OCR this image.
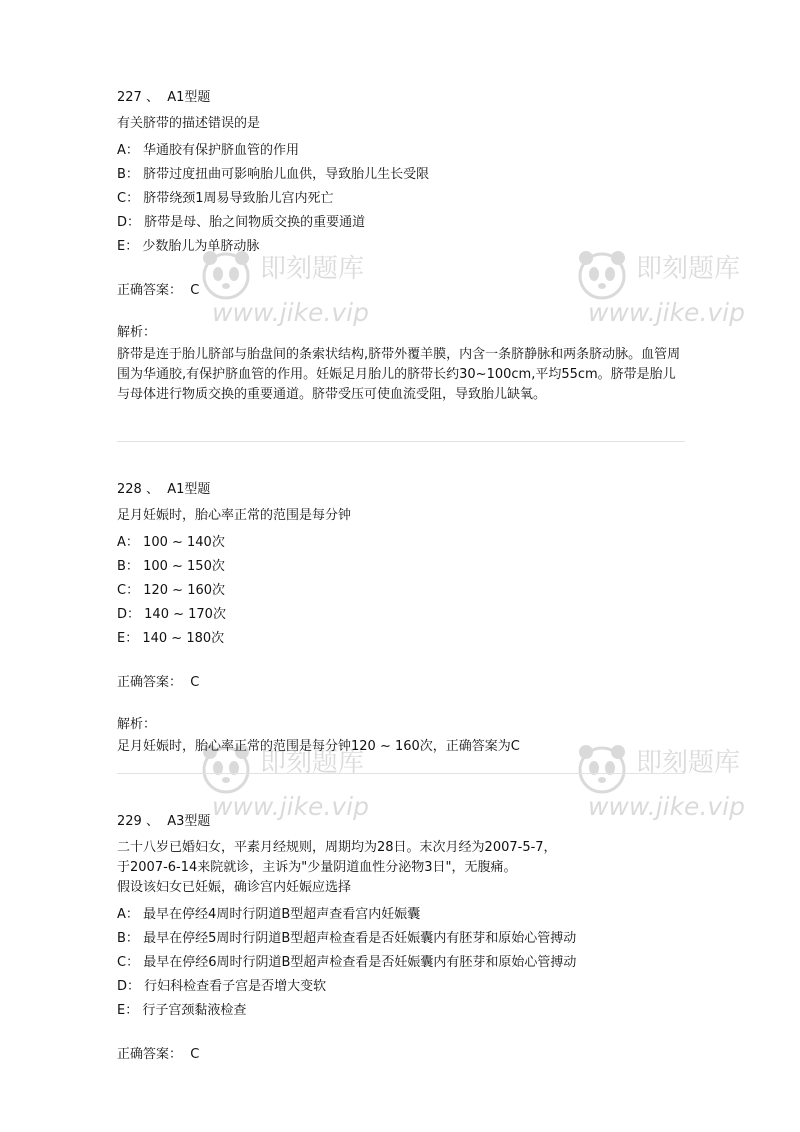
即刻题库
www.jike.vip
即刻题库
www.jike.vip
即刻题库
www.jike.vip
即刻题库
www.jike.vip
227 、 A1型题
有关脐带的描述错误的是
A： 华通胶有保护脐血管的作用
B： 脐带过度扭曲可影响胎儿血供，导致胎儿生长受限
C： 脐带绕颈1周易导致胎儿宫内死亡
D： 脐带是母、胎之间物质交换的重要通道
E： 少数胎儿为单脐动脉
正确答案： C
解析：
脐带是连于胎儿脐部与胎盘间的条索状结构,脐带外覆羊膜，内含一条脐静脉和两条脐动脉。血管周围为华通胶,有保护脐血管的作用。妊娠足月胎儿的脐带长约30~100cm,平均55cm。脐带是胎儿与母体进行物质交换的重要通道。脐带受压可使血流受阻，导致胎儿缺氧。
228 、 A1型题
足月妊娠时，胎心率正常的范围是每分钟
A： 100 ~ 140次
B： 100 ~ 150次
C： 120 ~ 160次
D： 140 ~ 170次
E： 140 ~ 180次
正确答案： C
解析：
足月妊娠时，胎心率正常的范围是每分钟120 ~ 160次，正确答案为C
229 、 A3型题
二十八岁已婚妇女，平素月经规则，周期均为28日。末次月经为2007-5-7，
于2007-6-14来院就诊，主诉为"少量阴道血性分泌物3日"，无腹痛。
假设该妇女已妊娠，确诊宫内妊娠应选择
A： 最早在停经4周时行阴道B型超声查看宫内妊娠囊
B： 最早在停经5周时行阴道B型超声检查看是否妊娠囊内有胚芽和原始心管搏动
C： 最早在停经6周时行阴道B型超声检查看是否妊娠囊内有胚芽和原始心管搏动
D： 行妇科检查看子宫是否增大变软
E： 行子宫颈黏液检查
正确答案： C
